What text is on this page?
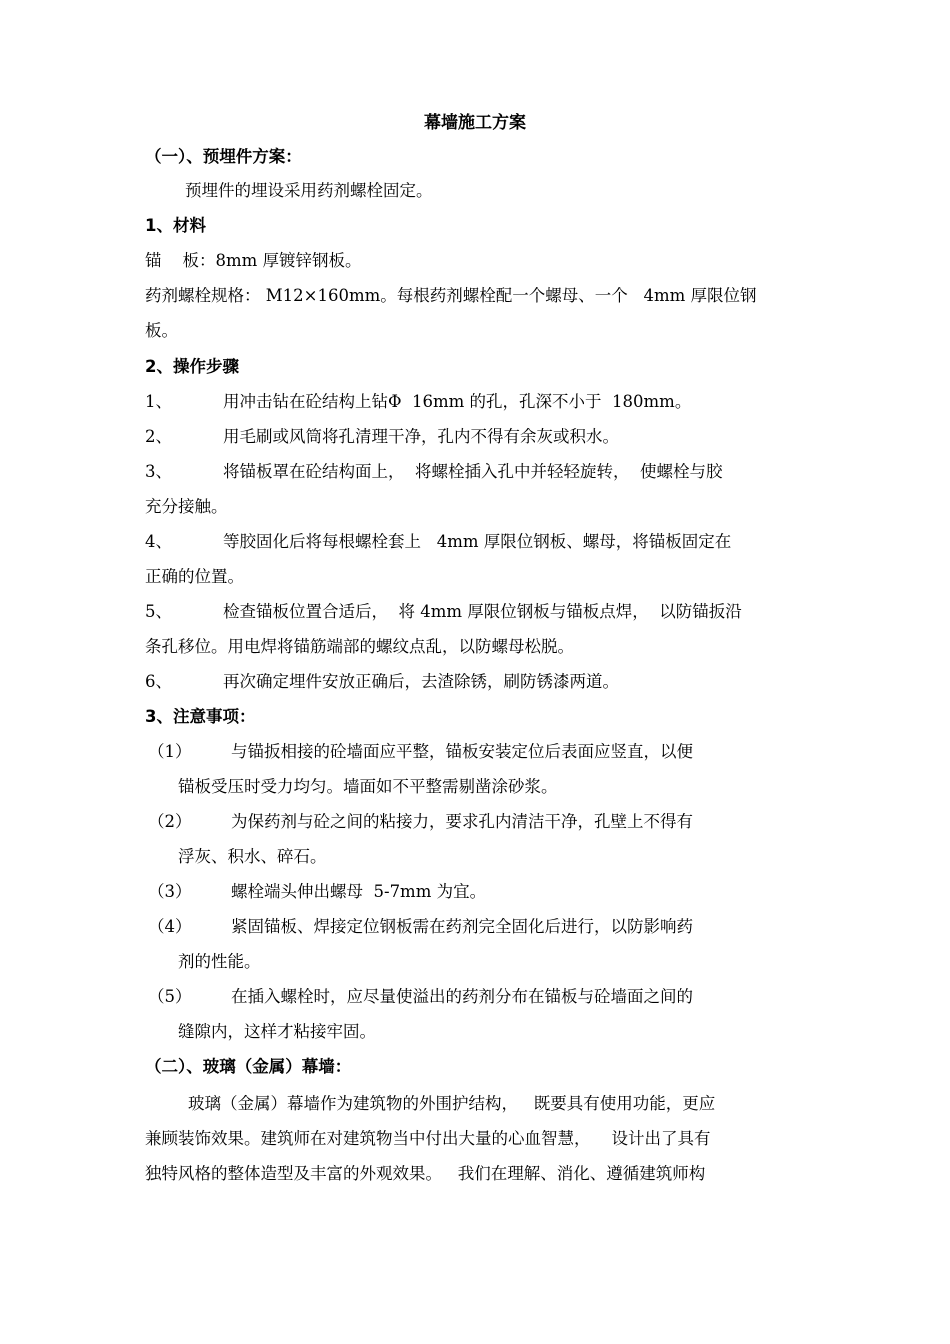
幕墙施工方案
（一）、预埋件方案：
预埋件的埋设采用药剂螺栓固定。
1、材料
锚    板：8mm 厚镀锌钢板。
药剂螺栓规格： M12×160mm。每根药剂螺栓配一个螺母、一个   4mm 厚限位钢
板。
2、操作步骤
1、	用冲击钻在砼结构上钻Φ  16mm 的孔，孔深不小于  180mm。
2、	用毛刷或风筒将孔清理干净，孔内不得有余灰或积水。
3、	将锚板罩在砼结构面上，  将螺栓插入孔中并轻轻旋转，  使螺栓与胶
充分接触。
4、	等胶固化后将每根螺栓套上   4mm 厚限位钢板、螺母，将锚板固定在
正确的位置。
5、	检查锚板位置合适后，  将 4mm 厚限位钢板与锚板点焊，  以防锚扳沿
条孔移位。用电焊将锚筋端部的螺纹点乱，以防螺母松脱。
6、	再次确定埋件安放正确后，去渣除锈，刷防锈漆两道。
3、注意事项：
（1） 与锚扳相接的砼墙面应平整，锚板安装定位后表面应竖直，以便
锚板受压时受力均匀。墙面如不平整需剔凿涂砂浆。
（2） 为保药剂与砼之间的粘接力，要求孔内清洁干净，孔壁上不得有
浮灰、积水、碎石。
（3） 螺栓端头伸出螺母  5-7mm 为宜。
（4） 紧固锚板、焊接定位钢板需在药剂完全固化后进行，以防影响药
剂的性能。
（5） 在插入螺栓时，应尽量使溢出的药剂分布在锚板与砼墙面之间的
缝隙内，这样才粘接牢固。
（二）、玻璃（金属）幕墙：
玻璃（金属）幕墙作为建筑物的外围护结构，   既要具有使用功能，更应
兼顾装饰效果。建筑师在对建筑物当中付出大量的心血智慧，    设计出了具有
独特风格的整体造型及丰富的外观效果。   我们在理解、消化、遵循建筑师构
